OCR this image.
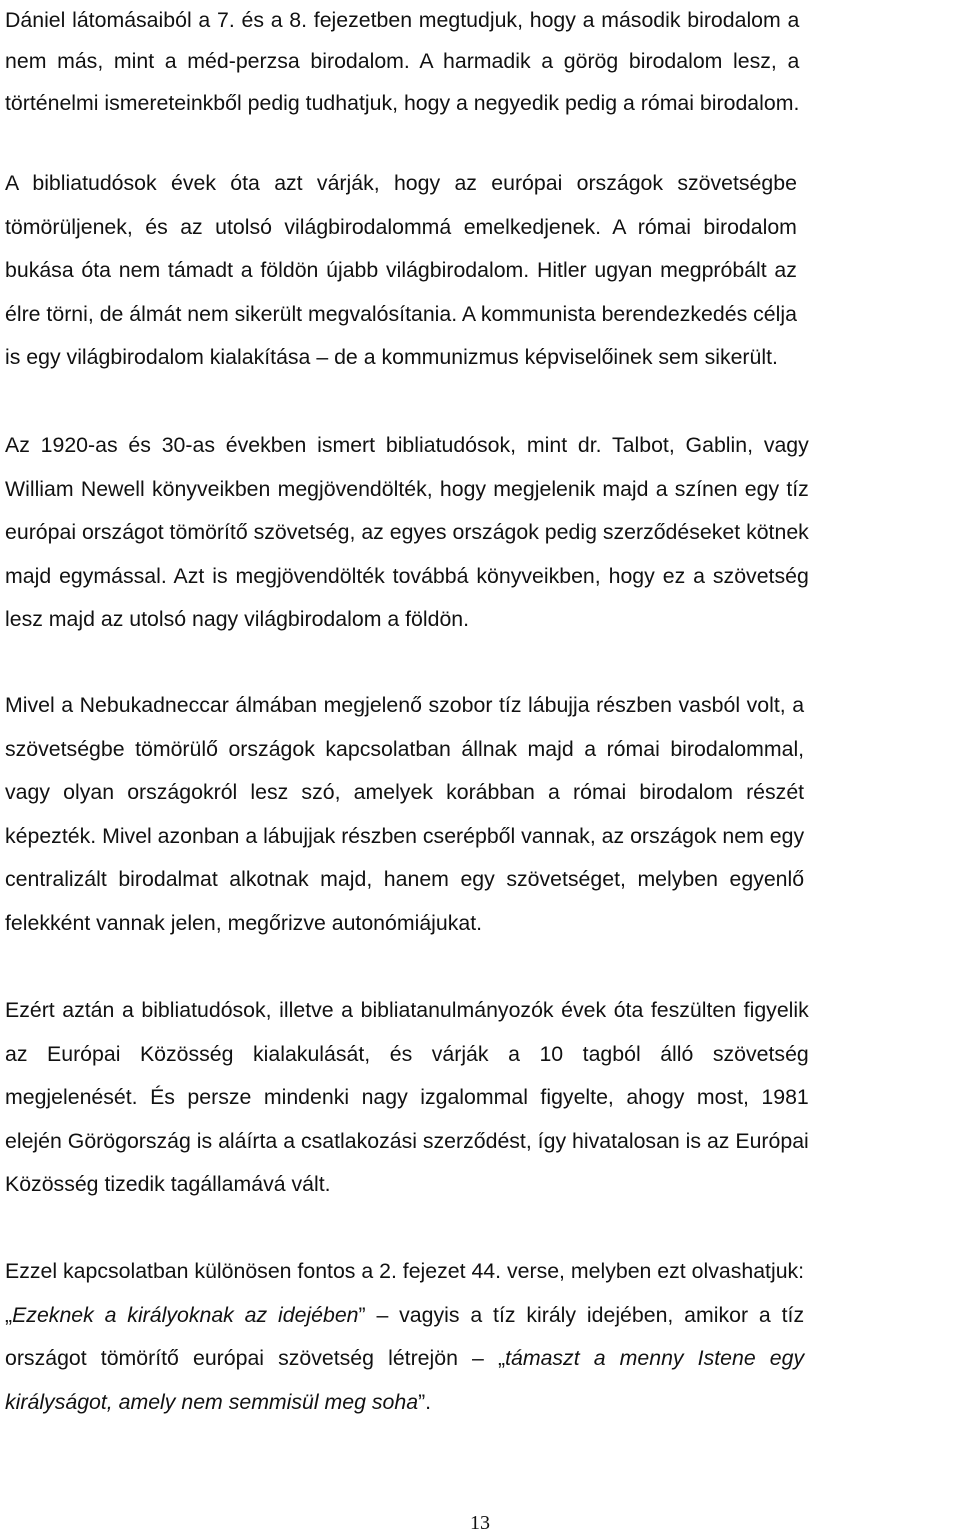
Dániel látomásaiból a 7. és a 8. fejezetben megtudjuk, hogy a második birodalom a
nem más, mint a méd-perzsa birodalom. A harmadik a görög birodalom lesz, a
történelmi ismereteinkből pedig tudhatjuk, hogy a negyedik pedig a római birodalom.

A bibliatudósok évek óta azt várják, hogy az európai országok szövetségbe
tömörüljenek, és az utolsó világbirodalommá emelkedjenek. A római birodalom
bukása óta nem támadt a földön újabb világbirodalom. Hitler ugyan megpróbált az
élre törni, de álmát nem sikerült megvalósítania. A kommunista berendezkedés célja
is egy világbirodalom kialakítása – de a kommunizmus képviselőinek sem sikerült.

Az 1920-as és 30-as években ismert bibliatudósok, mint dr. Talbot, Gablin, vagy
William Newell könyveikben megjövendölték, hogy megjelenik majd a színen egy tíz
európai országot tömörítő szövetség, az egyes országok pedig szerződéseket kötnek
majd egymással. Azt is megjövendölték továbbá könyveikben, hogy ez a szövetség
lesz majd az utolsó nagy világbirodalom a földön.

Mivel a Nebukadneccar álmában megjelenő szobor tíz lábujja részben vasból volt, a
szövetségbe tömörülő országok kapcsolatban állnak majd a római birodalommal,
vagy olyan országokról lesz szó, amelyek korábban a római birodalom részét
képezték. Mivel azonban a lábujjak részben cserépből vannak, az országok nem egy
centralizált birodalmat alkotnak majd, hanem egy szövetséget, melyben egyenlő
felekként vannak jelen, megőrizve autonómiájukat.

Ezért aztán a bibliatudósok, illetve a bibliatanulmányozók évek óta feszülten figyelik
az Európai Közösség kialakulását, és várják a 10 tagból álló szövetség
megjelenését. És persze mindenki nagy izgalommal figyelte, ahogy most, 1981
elején Görögország is aláírta a csatlakozási szerződést, így hivatalosan is az Európai
Közösség tizedik tagállamává vált.

Ezzel kapcsolatban különösen fontos a 2. fejezet 44. verse, melyben ezt olvashatjuk:
„Ezeknek a királyoknak az idejében” – vagyis a tíz király idejében, amikor a tíz
országot tömörítő európai szövetség létrejön – „támaszt a menny Istene egy
királyságot, amely nem semmisül meg soha”.

13
